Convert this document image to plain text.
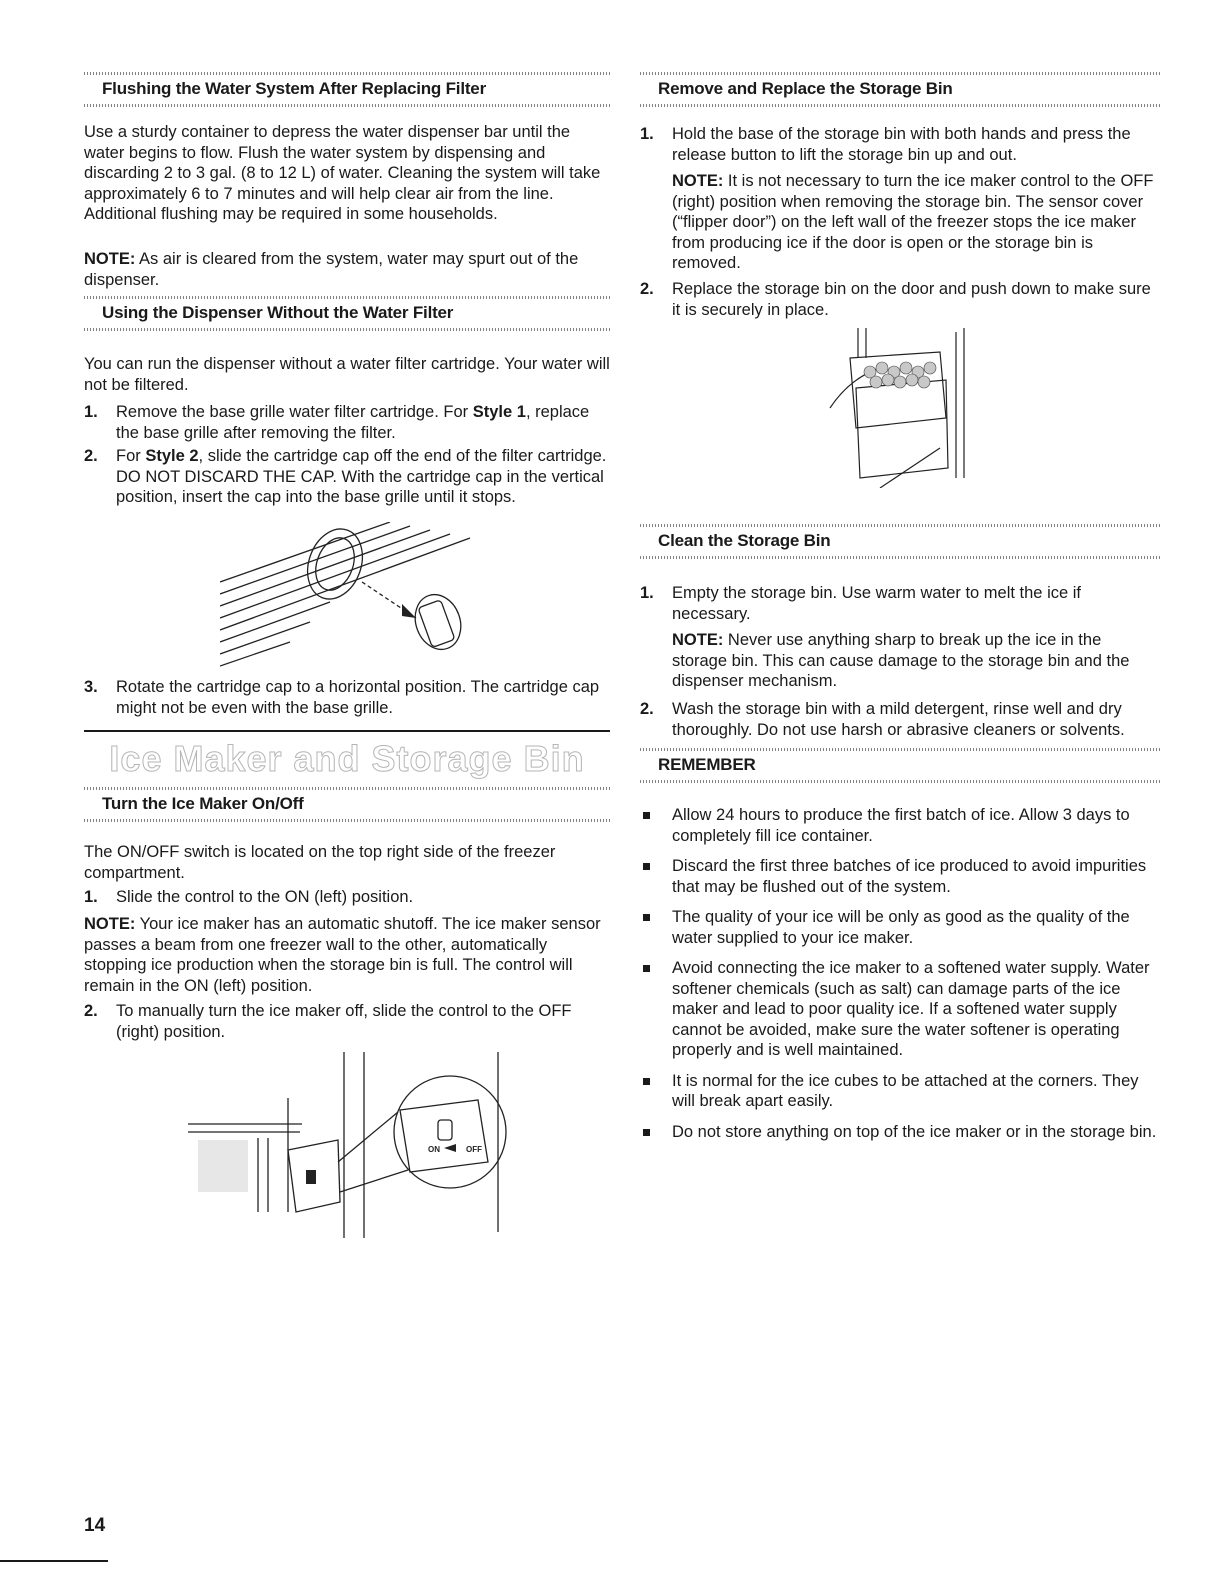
Flushing the Water System After Replacing Filter

Use a sturdy container to depress the water dispenser bar until the water begins to flow. Flush the water system by dispensing and discarding 2 to 3 gal. (8 to 12 L) of water. Cleaning the system will take approximately 6 to 7 minutes and will help clear air from the line. Additional flushing may be required in some households.

NOTE: As air is cleared from the system, water may spurt out of the dispenser.

Using the Dispenser Without the Water Filter

You can run the dispenser without a water filter cartridge. Your water will not be filtered.

1. Remove the base grille water filter cartridge. For Style 1, replace the base grille after removing the filter.
2. For Style 2, slide the cartridge cap off the end of the filter cartridge. DO NOT DISCARD THE CAP. With the cartridge cap in the vertical position, insert the cap into the base grille until it stops.
3. Rotate the cartridge cap to a horizontal position. The cartridge cap might not be even with the base grille.
Ice Maker and Storage Bin
Turn the Ice Maker On/Off

The ON/OFF switch is located on the top right side of the freezer compartment.

1. Slide the control to the ON (left) position.

NOTE: Your ice maker has an automatic shutoff. The ice maker sensor passes a beam from one freezer wall to the other, automatically stopping ice production when the storage bin is full. The control will remain in the ON (left) position.

2. To manually turn the ice maker off, slide the control to the OFF (right) position.
ON	OFF
Remove and Replace the Storage Bin
1. Hold the base of the storage bin with both hands and press the release button to lift the storage bin up and out.
NOTE: It is not necessary to turn the ice maker control to the OFF (right) position when removing the storage bin. The sensor cover (“flipper door”) on the left wall of the freezer stops the ice maker from producing ice if the door is open or the storage bin is removed.
2. Replace the storage bin on the door and push down to make sure it is securely in place.
Clean the Storage Bin
1. Empty the storage bin. Use warm water to melt the ice if necessary.
NOTE: Never use anything sharp to break up the ice in the storage bin. This can cause damage to the storage bin and the dispenser mechanism.
2. Wash the storage bin with a mild detergent, rinse well and dry thoroughly. Do not use harsh or abrasive cleaners or solvents.
REMEMBER
Allow 24 hours to produce the first batch of ice. Allow 3 days to completely fill ice container.
Discard the first three batches of ice produced to avoid impurities that may be flushed out of the system.
The quality of your ice will be only as good as the quality of the water supplied to your ice maker.
Avoid connecting the ice maker to a softened water supply. Water softener chemicals (such as salt) can damage parts of the ice maker and lead to poor quality ice. If a softened water supply cannot be avoided, make sure the water softener is operating properly and is well maintained.
It is normal for the ice cubes to be attached at the corners. They will break apart easily.
Do not store anything on top of the ice maker or in the storage bin.
14
